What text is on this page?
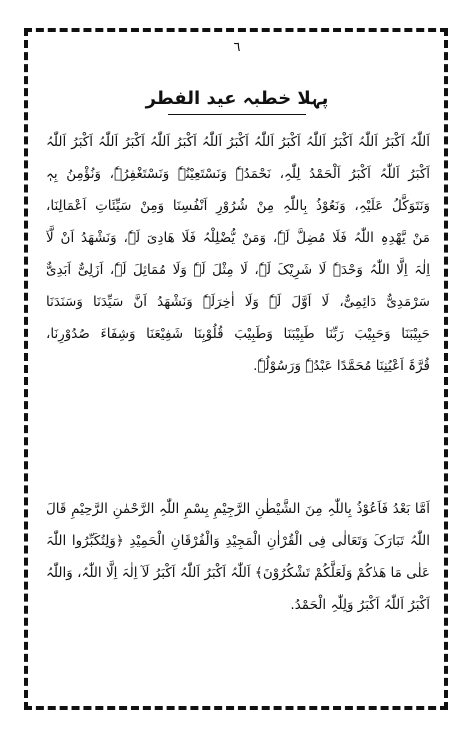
٦
پہلا خطبہ عید الفطر
اَللّٰہُ اَکْبَرُ اَللّٰہُ اَکْبَرُ اَللّٰہُ اَکْبَرُ اَللّٰہُ اَکْبَرُ اَللّٰہُ اَکْبَرُ اَللّٰہُ اَکْبَرُ اَللّٰہُ اَکْبَرُ اَللّٰہُ
اَکْبَرُ اَللّٰہُ اَکْبَرُ اَلْحَمْدُ لِلّٰہِ، نَحْمَدُہٗ وَنَسْتَعِیْنُہٗ وَنَسْتَغْفِرُہٗ، وَنُؤْمِنُ بِہٖ
وَنَتَوَکَّلُ عَلَیْہِ، وَنَعُوْذُ بِاللّٰہِ مِنْ شُرُوْرِ اَنْفُسِنَا وَمِنْ سَیِّئَاتِ اَعْمَالِنَا،
مَنْ یَّھْدِہِ اللّٰہُ فَلَا مُضِلَّ لَہٗ، وَمَنْ یُّضْلِلْہُ فَلَا ھَادِیَ لَہٗ، وَنَشْھَدُ اَنْ لَّآ
اِلٰہَ اِلَّا اللّٰہُ وَحْدَہٗ لَا شَرِیْکَ لَہٗ، لَا مِثْلَ لَہٗ وَلَا مُمَاثِلَ لَہٗ، اَزَلِیٌّ اَبَدِیٌّ
سَرْمَدِیٌّ دَائِمِیٌّ، لَا اَوَّلَ لَہٗ وَلَا اٰخِرَلَہٗ وَنَشْھَدُ اَنَّ سَیِّدَنَا وَسَنَدَنَا
حَبِیْبَنَا وَحَبِیْبَ رَبِّنَا طَبِیْبَنَا وَطَبِیْبَ قُلُوْبِنَا شَفِیْعَنَا وَشِفَاءَ صُدُوْرِنَا،
قُرَّۃَ اَعْیُنِنَا مُحَمَّدًا عَبْدُہٗ وَرَسُوْلُہٗ.
اَمَّا بَعْدُ فَاَعُوْذُ بِاللّٰہِ مِنَ الشَّیْطٰنِ الرَّجِیْمِ بِسْمِ اللّٰہِ الرَّحْمٰنِ الرَّحِیْمِ قَالَ
اللّٰہُ تَبَارَکَ وَتَعَالٰی فِی الْقُرْاٰنِ الْمَجِیْدِ وَالْفُرْقَانِ الْحَمِیْدِ ﴿وَلِتُکَبِّرُوا اللّٰہَ
عَلٰی مَا ھَدٰکُمْ وَلَعَلَّکُمْ تَشْکُرُوْنَ﴾ اَللّٰہُ اَکْبَرُ اَللّٰہُ اَکْبَرُ لَآ اِلٰہَ اِلَّا اللّٰہُ، وَاللّٰہُ
اَکْبَرُ اَللّٰہُ اَکْبَرُ وَلِلّٰہِ الْحَمْدُ.
